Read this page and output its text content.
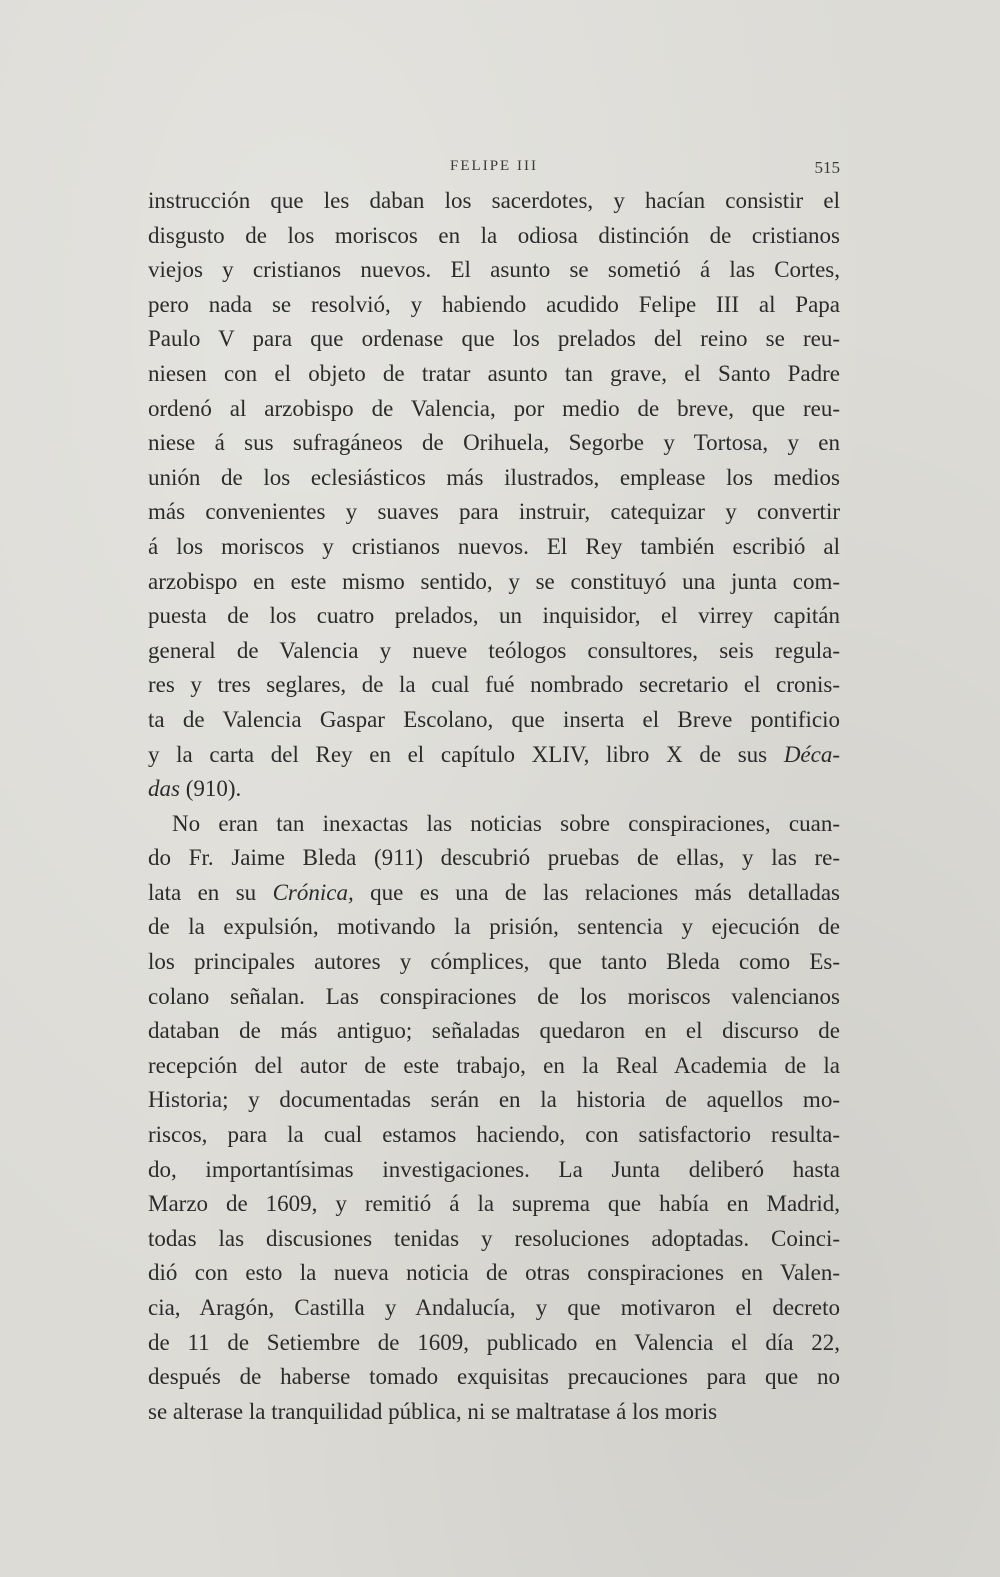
FELIPE III	515
instrucción que les daban los sacerdotes, y hacían consistir el
disgusto de los moriscos en la odiosa distinción de cristianos
viejos y cristianos nuevos. El asunto se sometió á las Cortes,
pero nada se resolvió, y habiendo acudido Felipe III al Papa
Paulo V para que ordenase que los prelados del reino se reu-
niesen con el objeto de tratar asunto tan grave, el Santo Padre
ordenó al arzobispo de Valencia, por medio de breve, que reu-
niese á sus sufragáneos de Orihuela, Segorbe y Tortosa, y en
unión de los eclesiásticos más ilustrados, emplease los medios
más convenientes y suaves para instruir, catequizar y convertir
á los moriscos y cristianos nuevos. El Rey también escribió al
arzobispo en este mismo sentido, y se constituyó una junta com-
puesta de los cuatro prelados, un inquisidor, el virrey capitán
general de Valencia y nueve teólogos consultores, seis regula-
res y tres seglares, de la cual fué nombrado secretario el cronis-
ta de Valencia Gaspar Escolano, que inserta el Breve pontificio
y la carta del Rey en el capítulo XLIV, libro X de sus Déca-
das (910).
No eran tan inexactas las noticias sobre conspiraciones, cuan-
do Fr. Jaime Bleda (911) descubrió pruebas de ellas, y las re-
lata en su Crónica, que es una de las relaciones más detalladas
de la expulsión, motivando la prisión, sentencia y ejecución de
los principales autores y cómplices, que tanto Bleda como Es-
colano señalan. Las conspiraciones de los moriscos valencianos
databan de más antiguo; señaladas quedaron en el discurso de
recepción del autor de este trabajo, en la Real Academia de la
Historia; y documentadas serán en la historia de aquellos mo-
riscos, para la cual estamos haciendo, con satisfactorio resulta-
do, importantísimas investigaciones. La Junta deliberó hasta
Marzo de 1609, y remitió á la suprema que había en Madrid,
todas las discusiones tenidas y resoluciones adoptadas. Coinci-
dió con esto la nueva noticia de otras conspiraciones en Valen-
cia, Aragón, Castilla y Andalucía, y que motivaron el decreto
de 11 de Setiembre de 1609, publicado en Valencia el día 22,
después de haberse tomado exquisitas precauciones para que no
se alterase la tranquilidad pública, ni se maltratase á los moris
